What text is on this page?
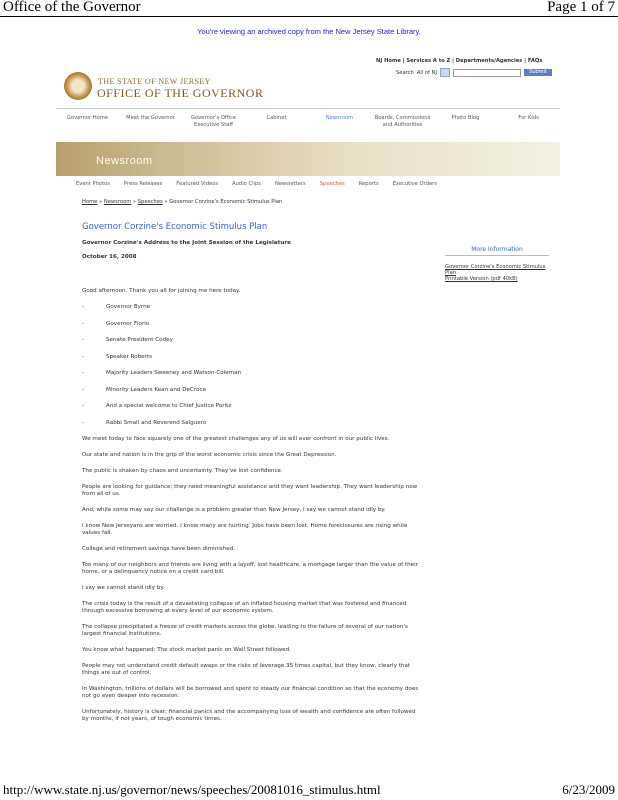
Office of the Governor	Page 1 of 7
You're viewing an archived copy from the New Jersey State Library.
NJ Home | Services A to Z | Departments/Agencies | FAQs
Search All of NJ	Submit
THE STATE OF NEW JERSEY
OFFICE OF THE GOVERNOR
Governor Home	Meet the Governor	Governor's Office Executive Staff
Cabinet	Newsroom	Boards, Commissions and Authorities
Photo Blog	For Kids
Newsroom
Event Photos	Press Releases	Featured Videos	Audio Clips	Newsletters	Speeches	Reports	Executive Orders
Home » Newsroom » Speeches » Governor Corzine's Economic Stimulus Plan
Governor Corzine's Economic Stimulus Plan
Governor Corzine's Address to the Joint Session of the Legislature
October 16, 2008
More Information
Governor Corzine's Economic Stimulus Plan
Printable Version (pdf 40kB)

Good afternoon. Thank you all for joining me here today.

-	Governor Byrne
-	Governor Florio
-	Senate President Codey
-	Speaker Roberts
-	Majority Leaders Sweeney and Watson-Coleman
-	Minority Leaders Kean and DeCroce
-	And a special welcome to Chief Justice Poritz
-	Rabbi Small and Reverend Salguero

We meet today to face squarely one of the greatest challenges any of us will ever confront in our public lives.

Our state and nation is in the grip of the worst economic crisis since the Great Depression.

The public is shaken by chaos and uncertainty. They've lost confidence.

People are looking for guidance; they need meaningful assistance and they want leadership. They want leadership now from all of us.

And, while some may say our challenge is a problem greater than New Jersey, I say we cannot stand idly by.

I know New Jerseyans are worried. I know many are hurting. Jobs have been lost. Home foreclosures are rising while values fall.

College and retirement savings have been diminished.

Too many of our neighbors and friends are living with a layoff, lost healthcare, a mortgage larger than the value of their home, or a delinquency notice on a credit card bill.

I say we cannot stand idly by.

The crisis today is the result of a devastating collapse of an inflated housing market that was fostered and financed through excessive borrowing at every level of our economic system.

The collapse precipitated a freeze of credit markets across the globe, leading to the failure of several of our nation's largest financial institutions.

You know what happened: The stock market panic on Wall Street followed.

People may not understand credit default swaps or the risks of leverage 35 times capital, but they know, clearly that things are out of control.

In Washington, trillions of dollars will be borrowed and spent to steady our financial condition so that the economy does not go even deeper into recession.

Unfortunately, history is clear: financial panics and the accompanying loss of wealth and confidence are often followed by months, if not years, of tough economic times.

http://www.state.nj.us/governor/news/speeches/20081016_stimulus.html	6/23/2009
